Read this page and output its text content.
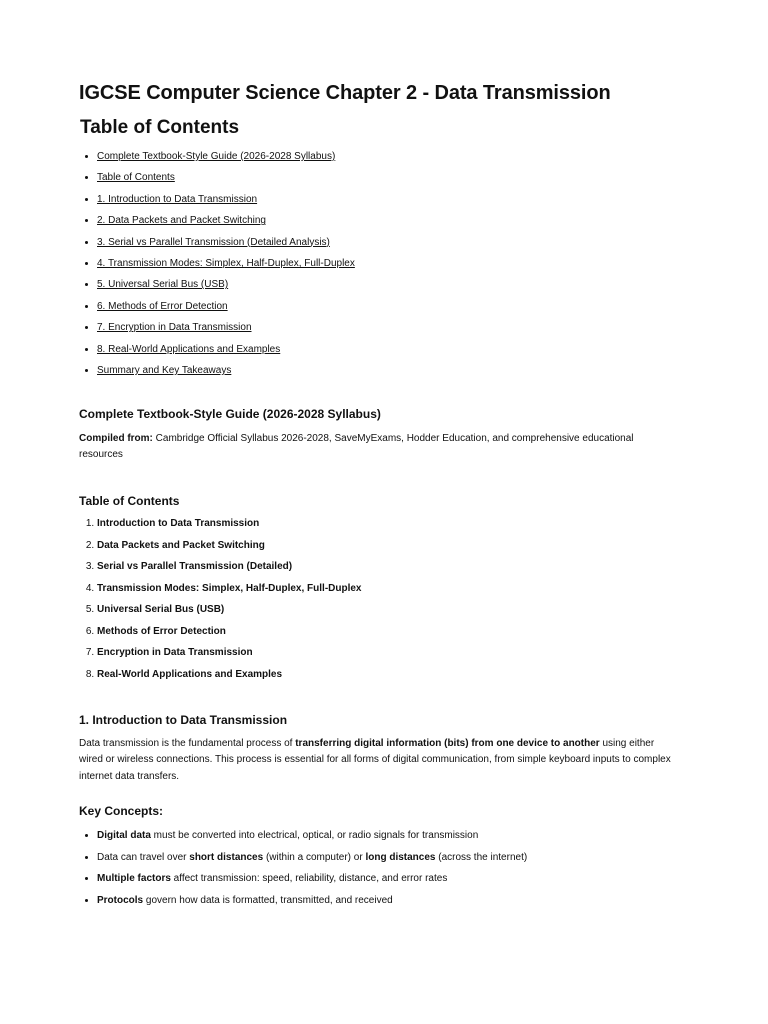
IGCSE Computer Science Chapter 2 - Data Transmission
Table of Contents
• Complete Textbook-Style Guide (2026-2028 Syllabus)
• Table of Contents
• 1. Introduction to Data Transmission
• 2. Data Packets and Packet Switching
• 3. Serial vs Parallel Transmission (Detailed Analysis)
• 4. Transmission Modes: Simplex, Half-Duplex, Full-Duplex
• 5. Universal Serial Bus (USB)
• 6. Methods of Error Detection
• 7. Encryption in Data Transmission
• 8. Real-World Applications and Examples
• Summary and Key Takeaways
Complete Textbook-Style Guide (2026-2028 Syllabus)

Compiled from: Cambridge Official Syllabus 2026-2028, SaveMyExams, Hodder Education, and comprehensive educational resources

Table of Contents
1. Introduction to Data Transmission
2. Data Packets and Packet Switching
3. Serial vs Parallel Transmission (Detailed)
4. Transmission Modes: Simplex, Half-Duplex, Full-Duplex
5. Universal Serial Bus (USB)
6. Methods of Error Detection
7. Encryption in Data Transmission
8. Real-World Applications and Examples
1. Introduction to Data Transmission

Data transmission is the fundamental process of transferring digital information (bits) from one device to another using either wired or wireless connections. This process is essential for all forms of digital communication, from simple keyboard inputs to complex internet data transfers.

Key Concepts:
• Digital data must be converted into electrical, optical, or radio signals for transmission
• Data can travel over short distances (within a computer) or long distances (across the internet)
• Multiple factors affect transmission: speed, reliability, distance, and error rates
• Protocols govern how data is formatted, transmitted, and received
